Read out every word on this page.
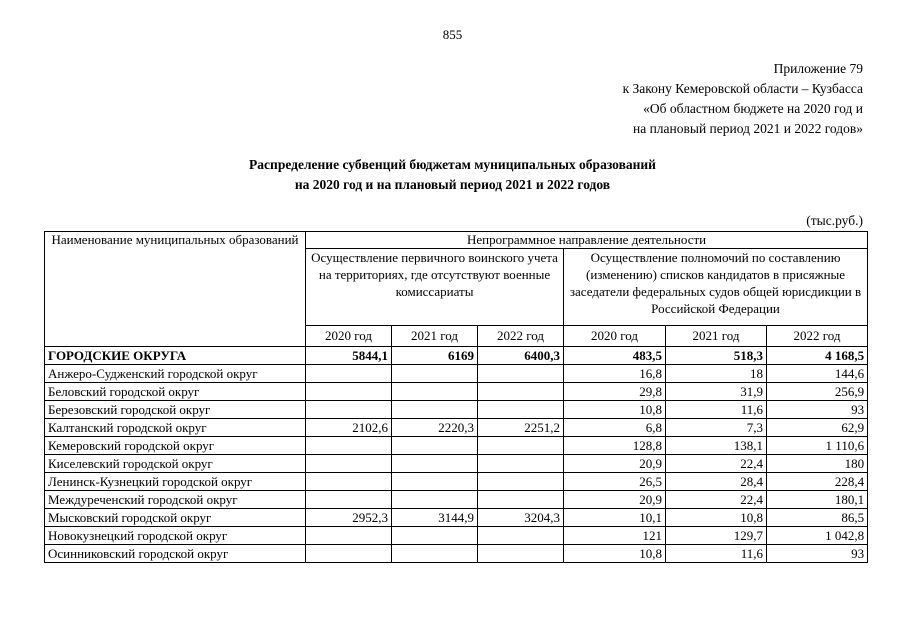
855
Приложение 79
к Закону Кемеровской области – Кузбасса
«Об областном бюджете на 2020 год и
на плановый период 2021 и 2022 годов»
Распределение субвенций бюджетам муниципальных образований
на 2020 год и на плановый период 2021 и 2022 годов
(тыс.руб.)
Наименование муниципальных образований	Непрограммное направление деятельности					
	Осуществление первичного воинского учета на территориях, где отсутствуют военные комиссариаты			Осуществление полномочий по составлению (изменению) списков кандидатов в присяжные заседатели федеральных судов общей юрисдикции в Российской Федерации		
	2020 год	2021 год	2022 год	2020 год	2021 год	2022 год
ГОРОДСКИЕ ОКРУГА	5844,1	6169	6400,3	483,5	518,3	4 168,5
Анжеро-Судженский городской округ				16,8	18	144,6
Беловский городской округ				29,8	31,9	256,9
Березовский городской округ				10,8	11,6	93
Калтанский городской округ	2102,6	2220,3	2251,2	6,8	7,3	62,9
Кемеровский городской округ				128,8	138,1	1 110,6
Киселевский городской округ				20,9	22,4	180
Ленинск-Кузнецкий городской округ				26,5	28,4	228,4
Междуреченский городской округ				20,9	22,4	180,1
Мысковский городской округ	2952,3	3144,9	3204,3	10,1	10,8	86,5
Новокузнецкий городской округ				121	129,7	1 042,8
Осинниковский городской округ				10,8	11,6	93
